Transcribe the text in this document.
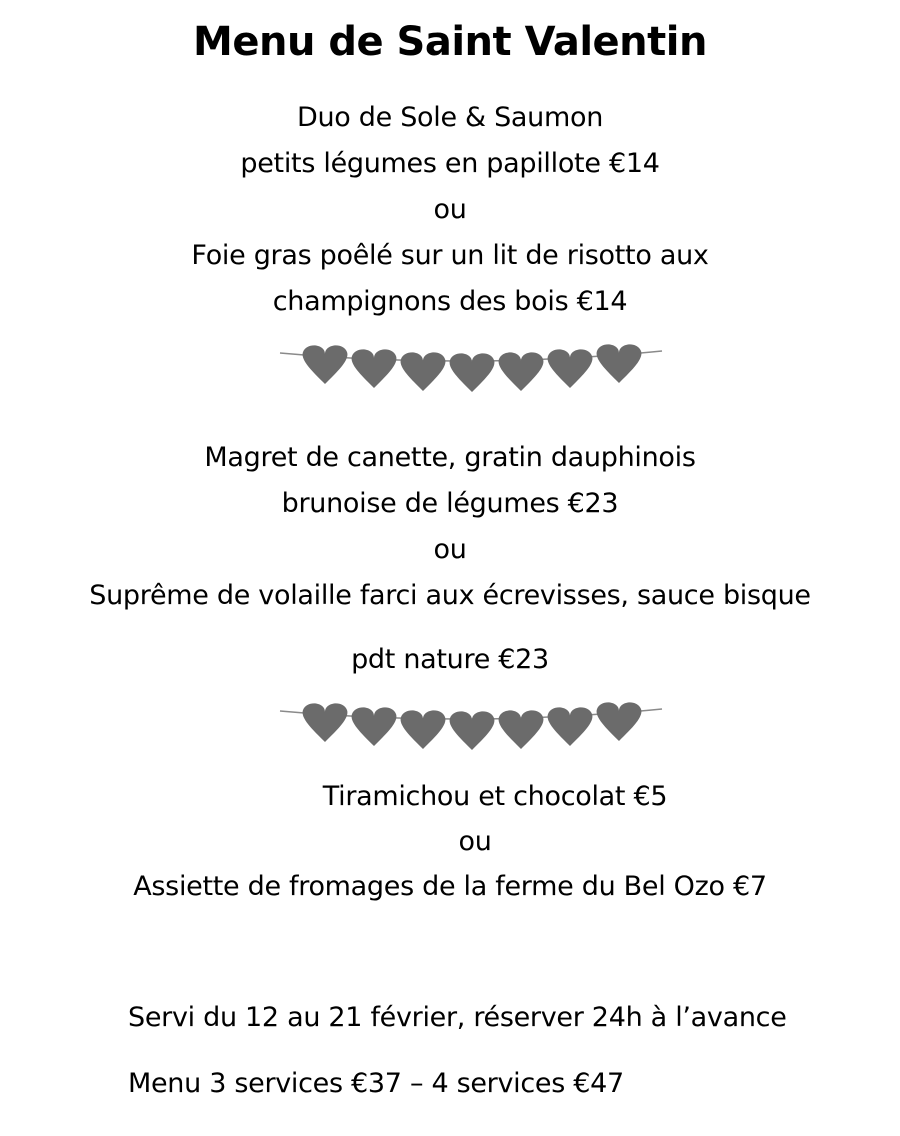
Menu de Saint Valentin
Duo de Sole & Saumon
petits légumes en papillote €14
ou
Foie gras poêlé sur un lit de risotto aux
champignons des bois €14
Magret de canette, gratin dauphinois
brunoise de légumes €23
ou
Suprême de volaille farci aux écrevisses, sauce bisque
pdt nature €23
Tiramichou et chocolat €5
ou
Assiette de fromages de la ferme du Bel Ozo €7
Servi du 12 au 21 février, réserver 24h à l’avance
Menu 3 services €37 – 4 services €47
